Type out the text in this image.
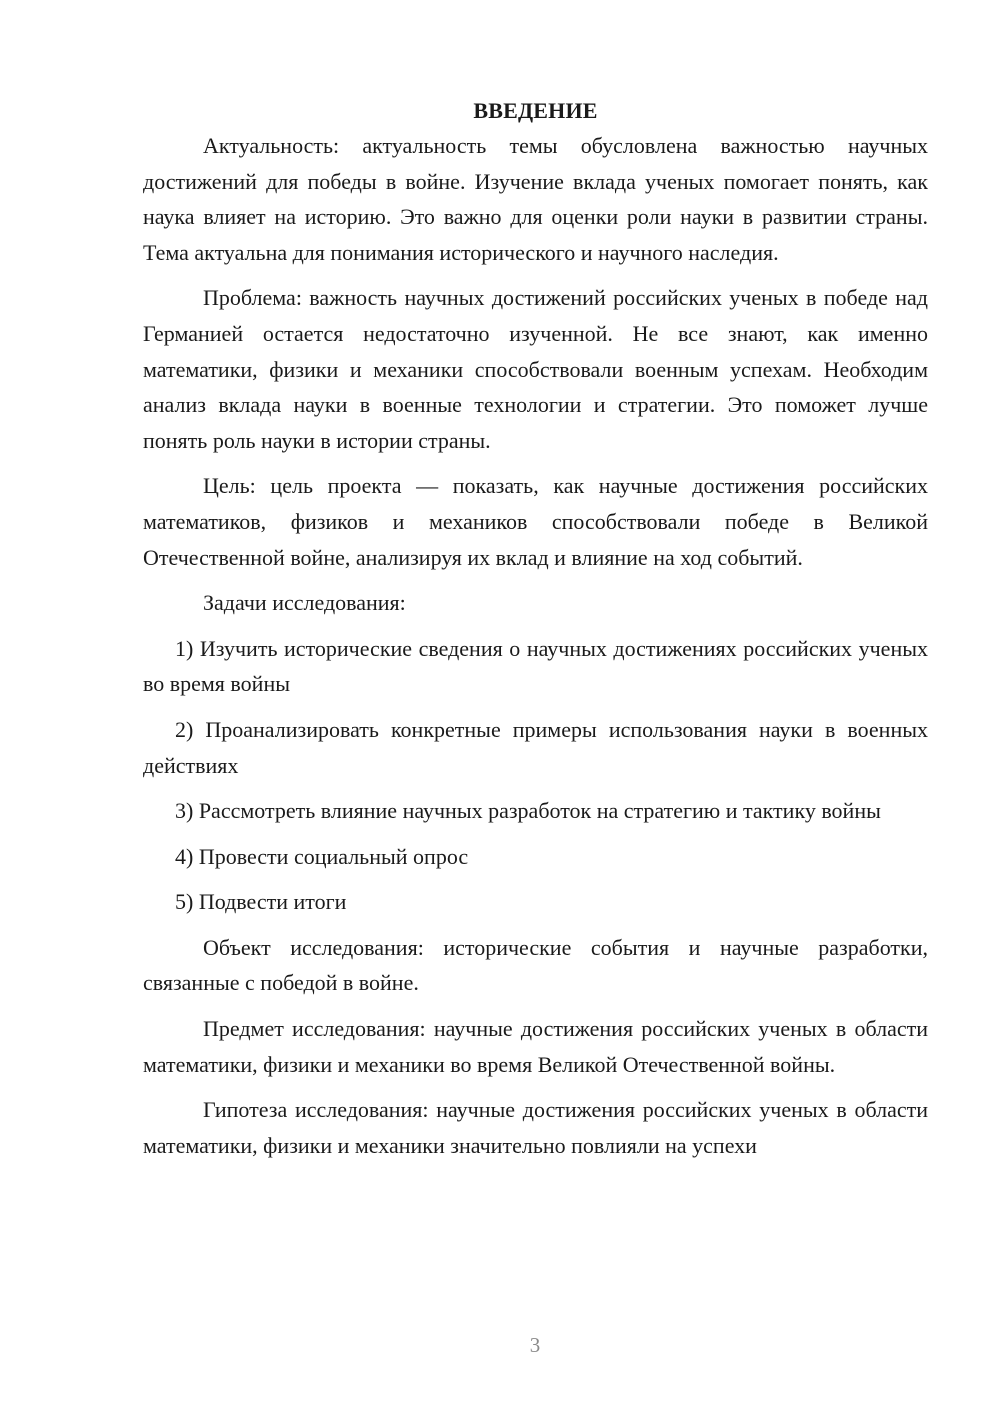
ВВЕДЕНИЕ

Актуальность: актуальность темы обусловлена важностью научных достижений для победы в войне. Изучение вклада ученых помогает понять, как наука влияет на историю. Это важно для оценки роли науки в развитии страны. Тема актуальна для понимания исторического и научного наследия.

Проблема: важность научных достижений российских ученых в победе над Германией остается недостаточно изученной. Не все знают, как именно математики, физики и механики способствовали военным успехам. Необходим анализ вклада науки в военные технологии и стратегии. Это поможет лучше понять роль науки в истории страны.

Цель: цель проекта — показать, как научные достижения российских математиков, физиков и механиков способствовали победе в Великой Отечественной войне, анализируя их вклад и влияние на ход событий.

Задачи исследования:

1) Изучить исторические сведения о научных достижениях российских ученых во время войны

2) Проанализировать конкретные примеры использования науки в военных действиях

3) Рассмотреть влияние научных разработок на стратегию и тактику войны

4) Провести социальный опрос

5) Подвести итоги

Объект исследования: исторические события и научные разработки, связанные с победой в войне.

Предмет исследования: научные достижения российских ученых в области математики, физики и механики во время Великой Отечественной войны.

Гипотеза исследования: научные достижения российских ученых в области математики, физики и механики значительно повлияли на успехи

3
